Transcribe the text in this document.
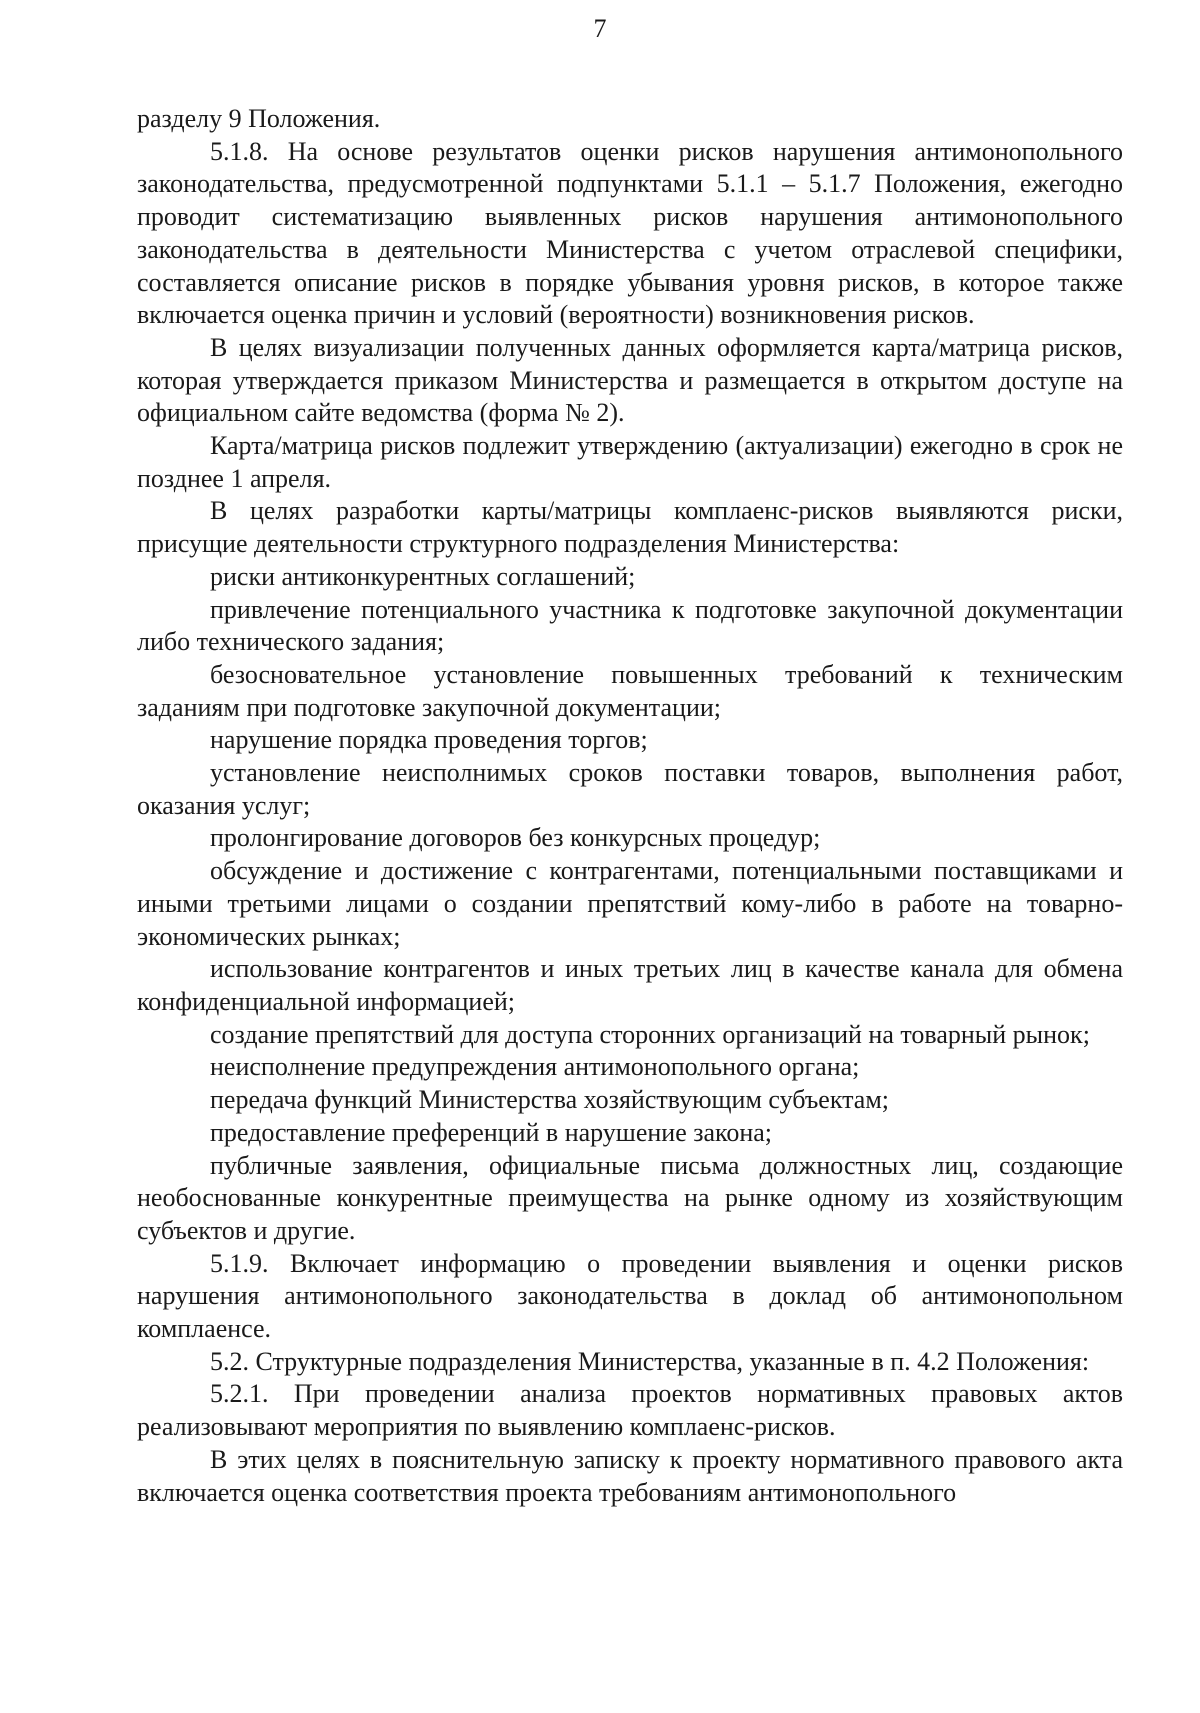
7

разделу 9 Положения.

5.1.8. На основе результатов оценки рисков нарушения антимонопольного законодательства, предусмотренной подпунктами 5.1.1 – 5.1.7 Положения, ежегодно проводит систематизацию выявленных рисков нарушения антимонопольного законодательства в деятельности Министерства с учетом отраслевой специфики, составляется описание рисков в порядке убывания уровня рисков, в которое также включается оценка причин и условий (вероятности) возникновения рисков.

В целях визуализации полученных данных оформляется карта/матрица рисков, которая утверждается приказом Министерства и размещается в открытом доступе на официальном сайте ведомства (форма № 2).

Карта/матрица рисков подлежит утверждению (актуализации) ежегодно в срок не позднее 1 апреля.

В целях разработки карты/матрицы комплаенс-рисков выявляются риски, присущие деятельности структурного подразделения Министерства:

риски антиконкурентных соглашений;

привлечение потенциального участника к подготовке закупочной документации либо технического задания;

безосновательное установление повышенных требований к техническим заданиям при подготовке закупочной документации;

нарушение порядка проведения торгов;

установление неисполнимых сроков поставки товаров, выполнения работ, оказания услуг;

пролонгирование договоров без конкурсных процедур;

обсуждение и достижение с контрагентами, потенциальными поставщиками и иными третьими лицами о создании препятствий кому-либо в работе на товарно-экономических рынках;

использование контрагентов и иных третьих лиц в качестве канала для обмена конфиденциальной информацией;

создание препятствий для доступа сторонних организаций на товарный рынок;

неисполнение предупреждения антимонопольного органа;

передача функций Министерства хозяйствующим субъектам;

предоставление преференций в нарушение закона;

публичные заявления, официальные письма должностных лиц, создающие необоснованные конкурентные преимущества на рынке одному из хозяйствующим субъектов и другие.

5.1.9. Включает информацию о проведении выявления и оценки рисков нарушения антимонопольного законодательства в доклад об антимонопольном комплаенсе.

5.2. Структурные подразделения Министерства, указанные в п. 4.2 Положения:

5.2.1. При проведении анализа проектов нормативных правовых актов реализовывают мероприятия по выявлению комплаенс-рисков.

В этих целях в пояснительную записку к проекту нормативного правового акта включается оценка соответствия проекта требованиям антимонопольного
